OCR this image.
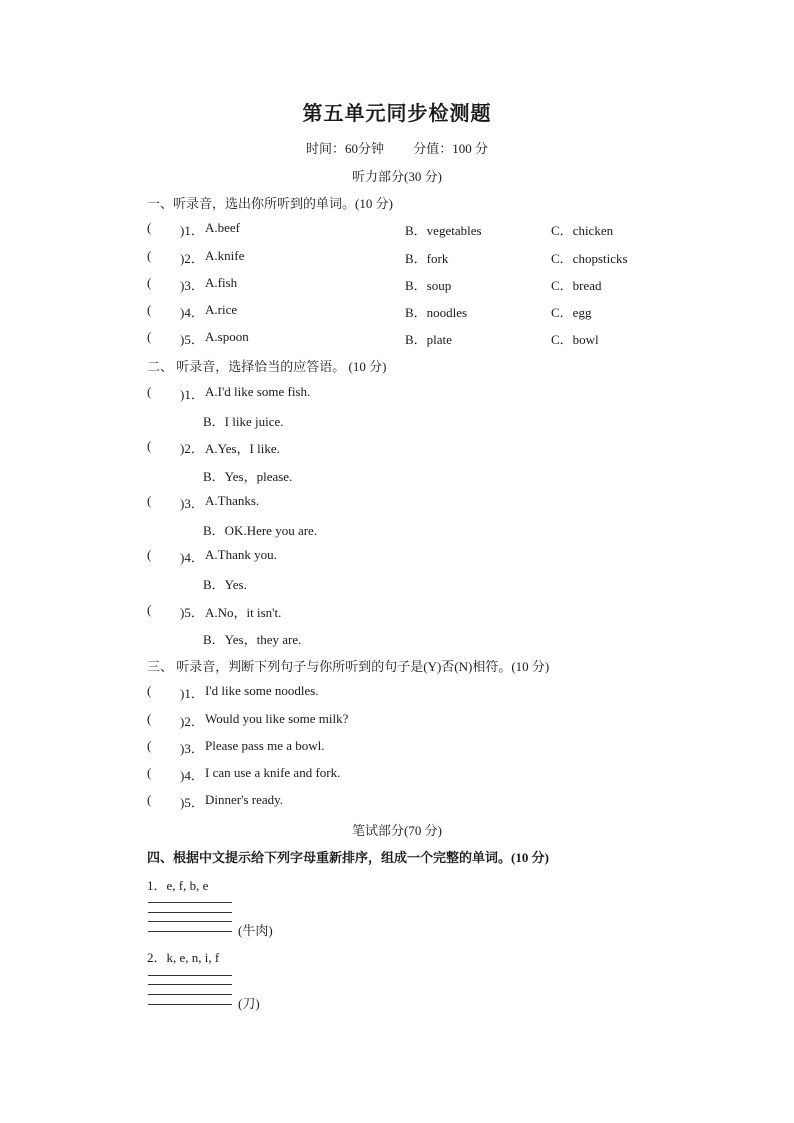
第五单元同步检测题
时间：60分钟 分值：100 分
听力部分(30 分)
一、听录音，选出你所听到的单词。(10 分)
( )1． A.beef	B．vegetables	C．chicken
( )2． A.knife	B．fork	C．chopsticks
( )3． A.fish	B．soup	C．bread
( )4． A.rice	B．noodles	C．egg
( )5． A.spoon	B．plate	C．bowl
二、 听录音，选择恰当的应答语。 (10 分)
( )1． A.I'd like some fish.
B．I like juice.
( )2． A.Yes，I like.
B．Yes，please.
( )3． A.Thanks.
B．OK.Here you are.
( )4． A.Thank you.
B．Yes.
( )5． A.No，it isn't.
B．Yes，they are.
三、 听录音，判断下列句子与你所听到的句子是(Y)否(N)相符。(10 分)
( )1． I'd like some noodles.
( )2． Would you like some milk?
( )3． Please pass me a bowl.
( )4． I can use a knife and fork.
( )5． Dinner's ready.
笔试部分(70 分)
四、根据中文提示给下列字母重新排序，组成一个完整的单词。(10 分)
1．e, f, b, e
(牛肉)
2．k, e, n, i, f
(刀)
